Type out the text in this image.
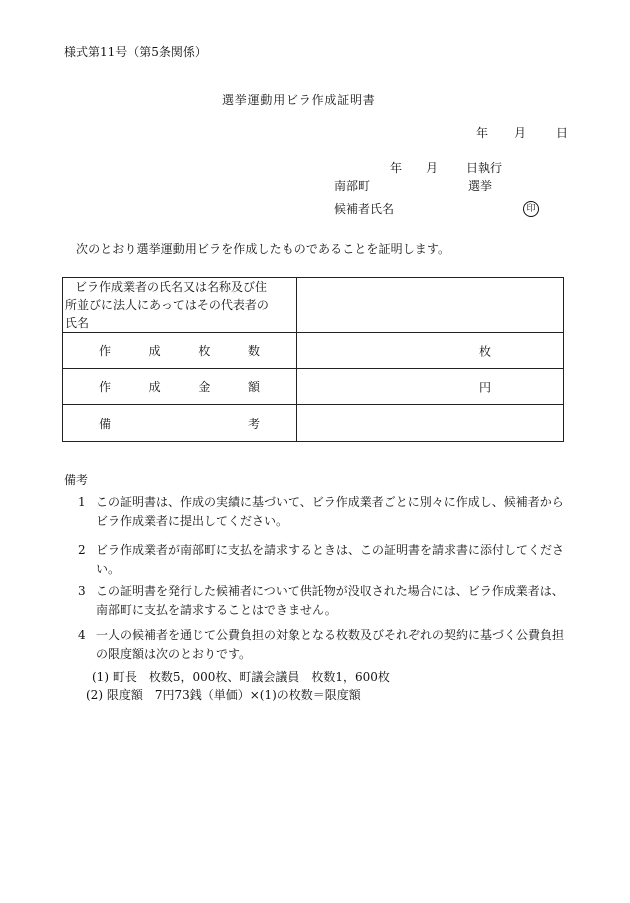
様式第11号（第5条関係）
選挙運動用ビラ作成証明書
年 月 日
年 月 日執行
南部町	選挙
候補者氏名	印
次のとおり選挙運動用ビラを作成したものであることを証明します。
ビラ作成業者の氏名又は名称及び住
所並びに法人にあってはその代表者の
氏名	

作 成 枚 数	枚

作 成 金 額	円

備 考	

備考
1 この証明書は、作成の実績に基づいて、ビラ作成業者ごとに別々に作成し、候補者からビラ作成業者に提出してください。
2 ビラ作成業者が南部町に支払を請求するときは、この証明書を請求書に添付してください。
3 この証明書を発行した候補者について供託物が没収された場合には、ビラ作成業者は、南部町に支払を請求することはできません。
4 一人の候補者を通じて公費負担の対象となる枚数及びそれぞれの契約に基づく公費負担の限度額は次のとおりです。
(1) 町長　枚数5，000枚、町議会議員　枚数1，600枚
(2) 限度額　7円73銭（単価）×(1)の枚数＝限度額
